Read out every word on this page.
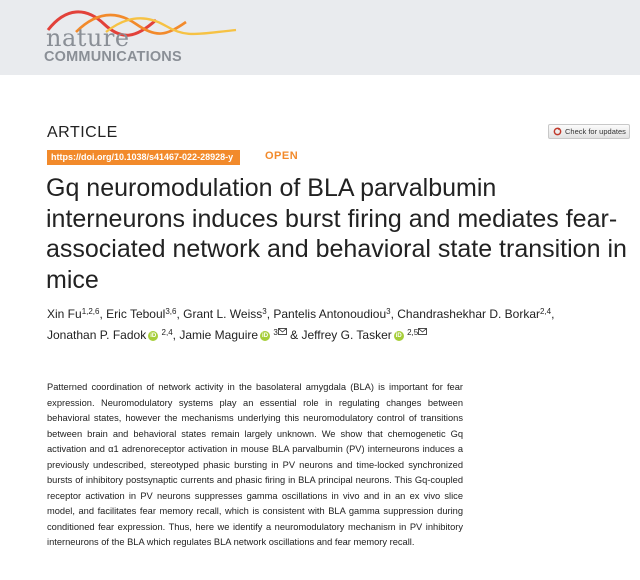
nature
COMMUNICATIONS
ARTICLE	Check for updates
https://doi.org/10.1038/s41467-022-28928-y	OPEN
Gq neuromodulation of BLA parvalbumin interneurons induces burst firing and mediates fear-associated network and behavioral state transition in mice
Xin Fu$^{1,2,6}$, Eric Teboul$^{3,6}$, Grant L. Weiss$^3$, Pantelis Antonoudiou$^3$, Chandrashekhar D. Borkar$^{2,4}$,
Jonathan P. Fadok iD $^{2,4}$, Jamie Maguire iD $^3$ & Jeffrey G. Tasker iD $^{2,5}$

Patterned coordination of network activity in the basolateral amygdala (BLA) is important for fear expression. Neuromodulatory systems play an essential role in regulating changes between behavioral states, however the mechanisms underlying this neuromodulatory control of transitions between brain and behavioral states remain largely unknown. We show that chemogenetic Gq activation and α1 adrenoreceptor activation in mouse BLA parvalbumin (PV) interneurons induces a previously undescribed, stereotyped phasic bursting in PV neurons and time-locked synchronized bursts of inhibitory postsynaptic currents and phasic firing in BLA principal neurons. This Gq-coupled receptor activation in PV neurons suppresses gamma oscillations in vivo and in an ex vivo slice model, and facilitates fear memory recall, which is consistent with BLA gamma suppression during conditioned fear expression. Thus, here we identify a neuromodulatory mechanism in PV inhibitory interneurons of the BLA which regulates BLA network oscillations and fear memory recall.
